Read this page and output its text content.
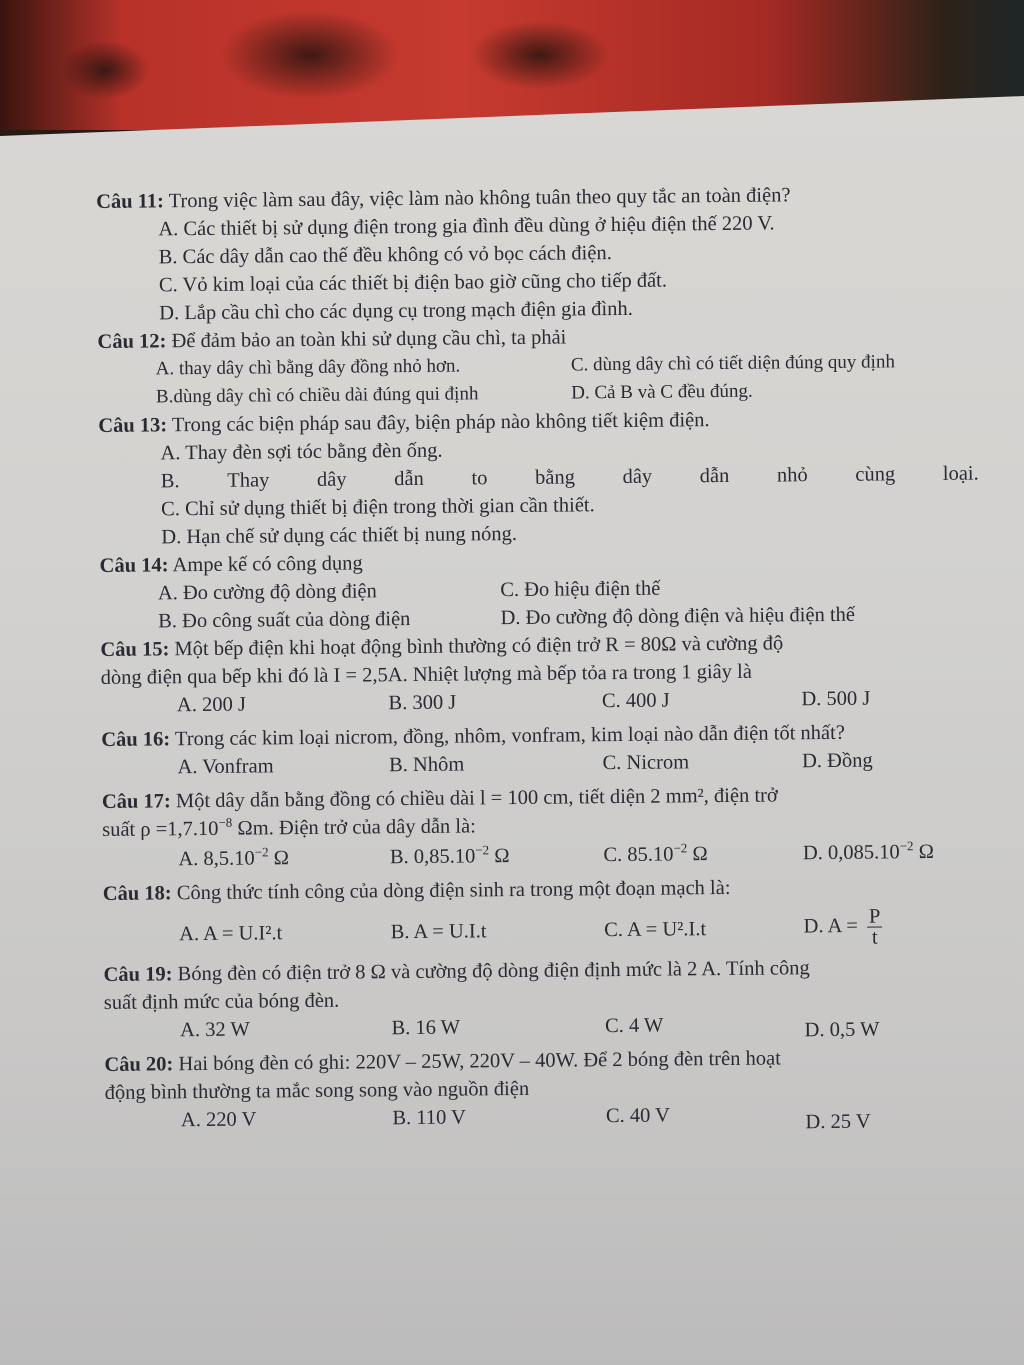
Câu 11: Trong việc làm sau đây, việc làm nào không tuân theo quy tắc an toàn điện?
A. Các thiết bị sử dụng điện trong gia đình đều dùng ở hiệu điện thế 220 V.
B. Các dây dẫn cao thế đều không có vỏ bọc cách điện.
C. Vỏ kim loại của các thiết bị điện bao giờ cũng cho tiếp đất.
D. Lắp cầu chì cho các dụng cụ trong mạch điện gia đình.
Câu 12: Để đảm bảo an toàn khi sử dụng cầu chì, ta phải
A. thay dây chì bằng dây đồng nhỏ hơn.	C. dùng dây chì có tiết diện đúng quy định
B.dùng dây chì có chiều dài đúng qui định	D. Cả B và C đều đúng.
Câu 13: Trong các biện pháp sau đây, biện pháp nào không tiết kiệm điện.
A. Thay đèn sợi tóc bằng đèn ống.
B. Thay dây dẫn to bằng dây dẫn nhỏ cùng loại.
C. Chỉ sử dụng thiết bị điện trong thời gian cần thiết.
D. Hạn chế sử dụng các thiết bị nung nóng.
Câu 14: Ampe kế có công dụng
A. Đo cường độ dòng điện	C. Đo hiệu điện thế
B. Đo công suất của dòng điện	D. Đo cường độ dòng điện và hiệu điện thế
Câu 15: Một bếp điện khi hoạt động bình thường có điện trở R = 80Ω và cường độ
dòng điện qua bếp khi đó là I = 2,5A. Nhiệt lượng mà bếp tỏa ra trong 1 giây là
A. 200 J	B. 300 J	C. 400 J	D. 500 J
Câu 16: Trong các kim loại nicrom, đồng, nhôm, vonfram, kim loại nào dẫn điện tốt nhất?
A. Vonfram	B. Nhôm	C. Nicrom	D. Đồng
Câu 17: Một dây dẫn bằng đồng có chiều dài l = 100 cm, tiết diện 2 mm², điện trở
suất $\rho =1,7.10^{-8}$ Ωm. Điện trở của dây dẫn là:
A. $8,5.10^{-2}$ Ω	B. $0,85.10^{-2}$ Ω	C. $85.10^{-2}$ Ω	D. $0,085.10^{-2}$ Ω
Câu 18: Công thức tính công của dòng điện sinh ra trong một đoạn mạch là:
A. A = U.I².t	B. A = U.I.t	C. A = U².I.t	D. $A = \frac{P}{t}$
Câu 19: Bóng đèn có điện trở 8 Ω và cường độ dòng điện định mức là 2 A. Tính công
suất định mức của bóng đèn.
A. 32 W	B. 16 W	C. 4 W	D. 0,5 W
Câu 20: Hai bóng đèn có ghi: 220V – 25W, 220V – 40W. Để 2 bóng đèn trên hoạt
động bình thường ta mắc song song vào nguồn điện
A. 220 V	B. 110 V	C. 40 V	D. 25 V
